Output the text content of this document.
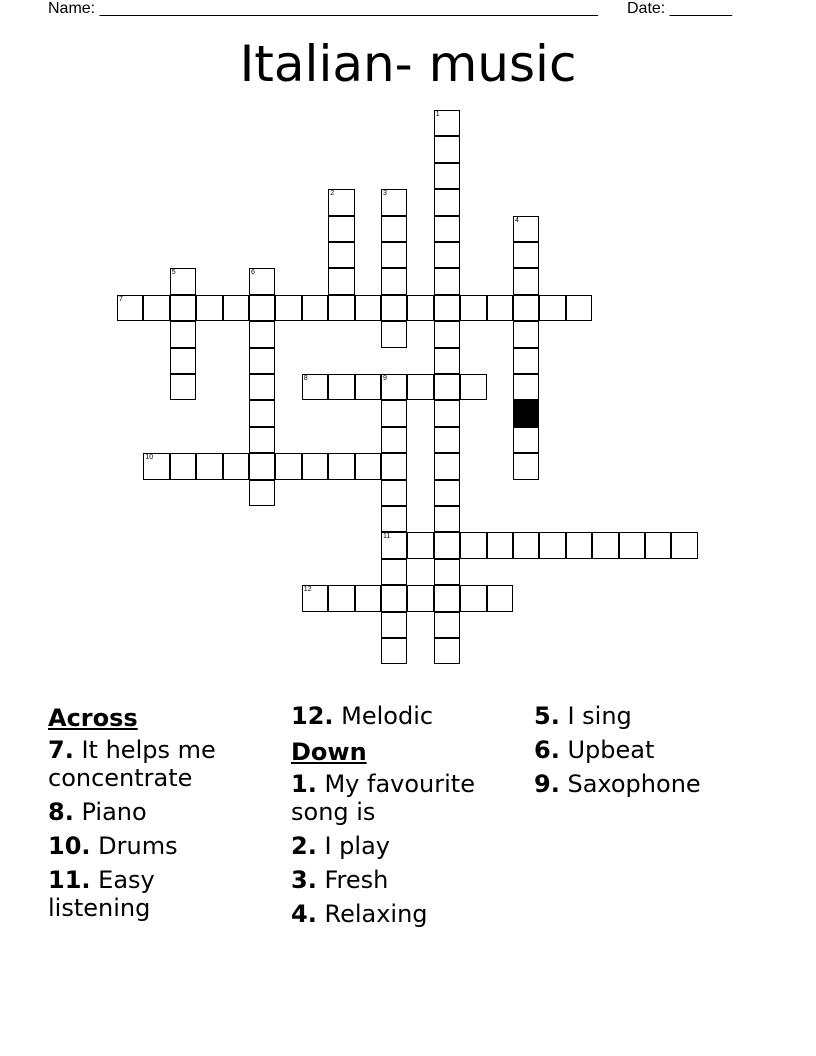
Name: ________________________________________________________ Date: _______
Italian- music
1
2	3
4
5	6
7
8	9
11
10
12
Across
7. It helps me concentrate
8. Piano
10. Drums
11. Easy listening
12. Melodic
Down
1. My favourite song is
2. I play
3. Fresh
4. Relaxing
5. I sing
6. Upbeat
9. Saxophone
